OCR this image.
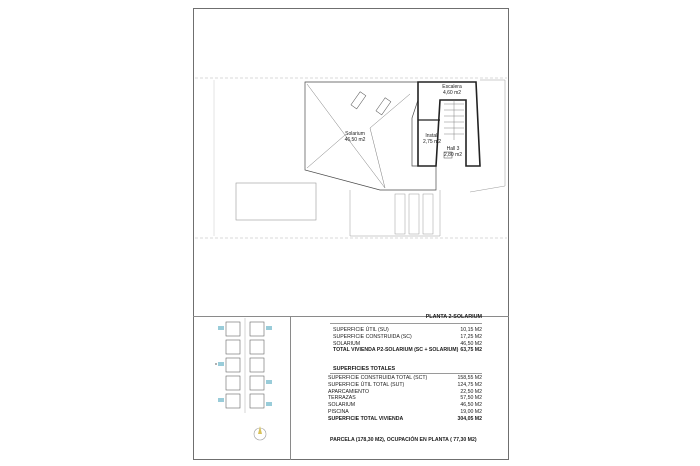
Solarium
46,50 m2
Escalera
4,60 m2
Instal.
2,75 m2
Hall 3
2,80 m2
PLANTA 2-SOLARIUM
SUPERFICIE ÚTIL (SU)	10,15 M2
SUPERFICIE CONSTRUIDA (SC)	17,25 M2
SOLARIUM	46,50 M2
TOTAL VIVIENDA P2-SOLARIUM (SC + SOLARIUM) 63,75 M2
SUPERFICIES TOTALES
SUPERFICIE CONSTRUIDA TOTAL (SCT)	158,55 M2
SUPERFICIE ÚTIL TOTAL (SUT)	124,75 M2
APARCAMIENTO	22,50 M2
TERRAZAS	57,50 M2
SOLARIUM	46,50 M2
PISCINA	19,00 M2
SUPERFICIE TOTAL VIVIENDA	304,05 M2
PARCELA (178,30 M2), OCUPACIÓN EN PLANTA ( 77,30 M2)
